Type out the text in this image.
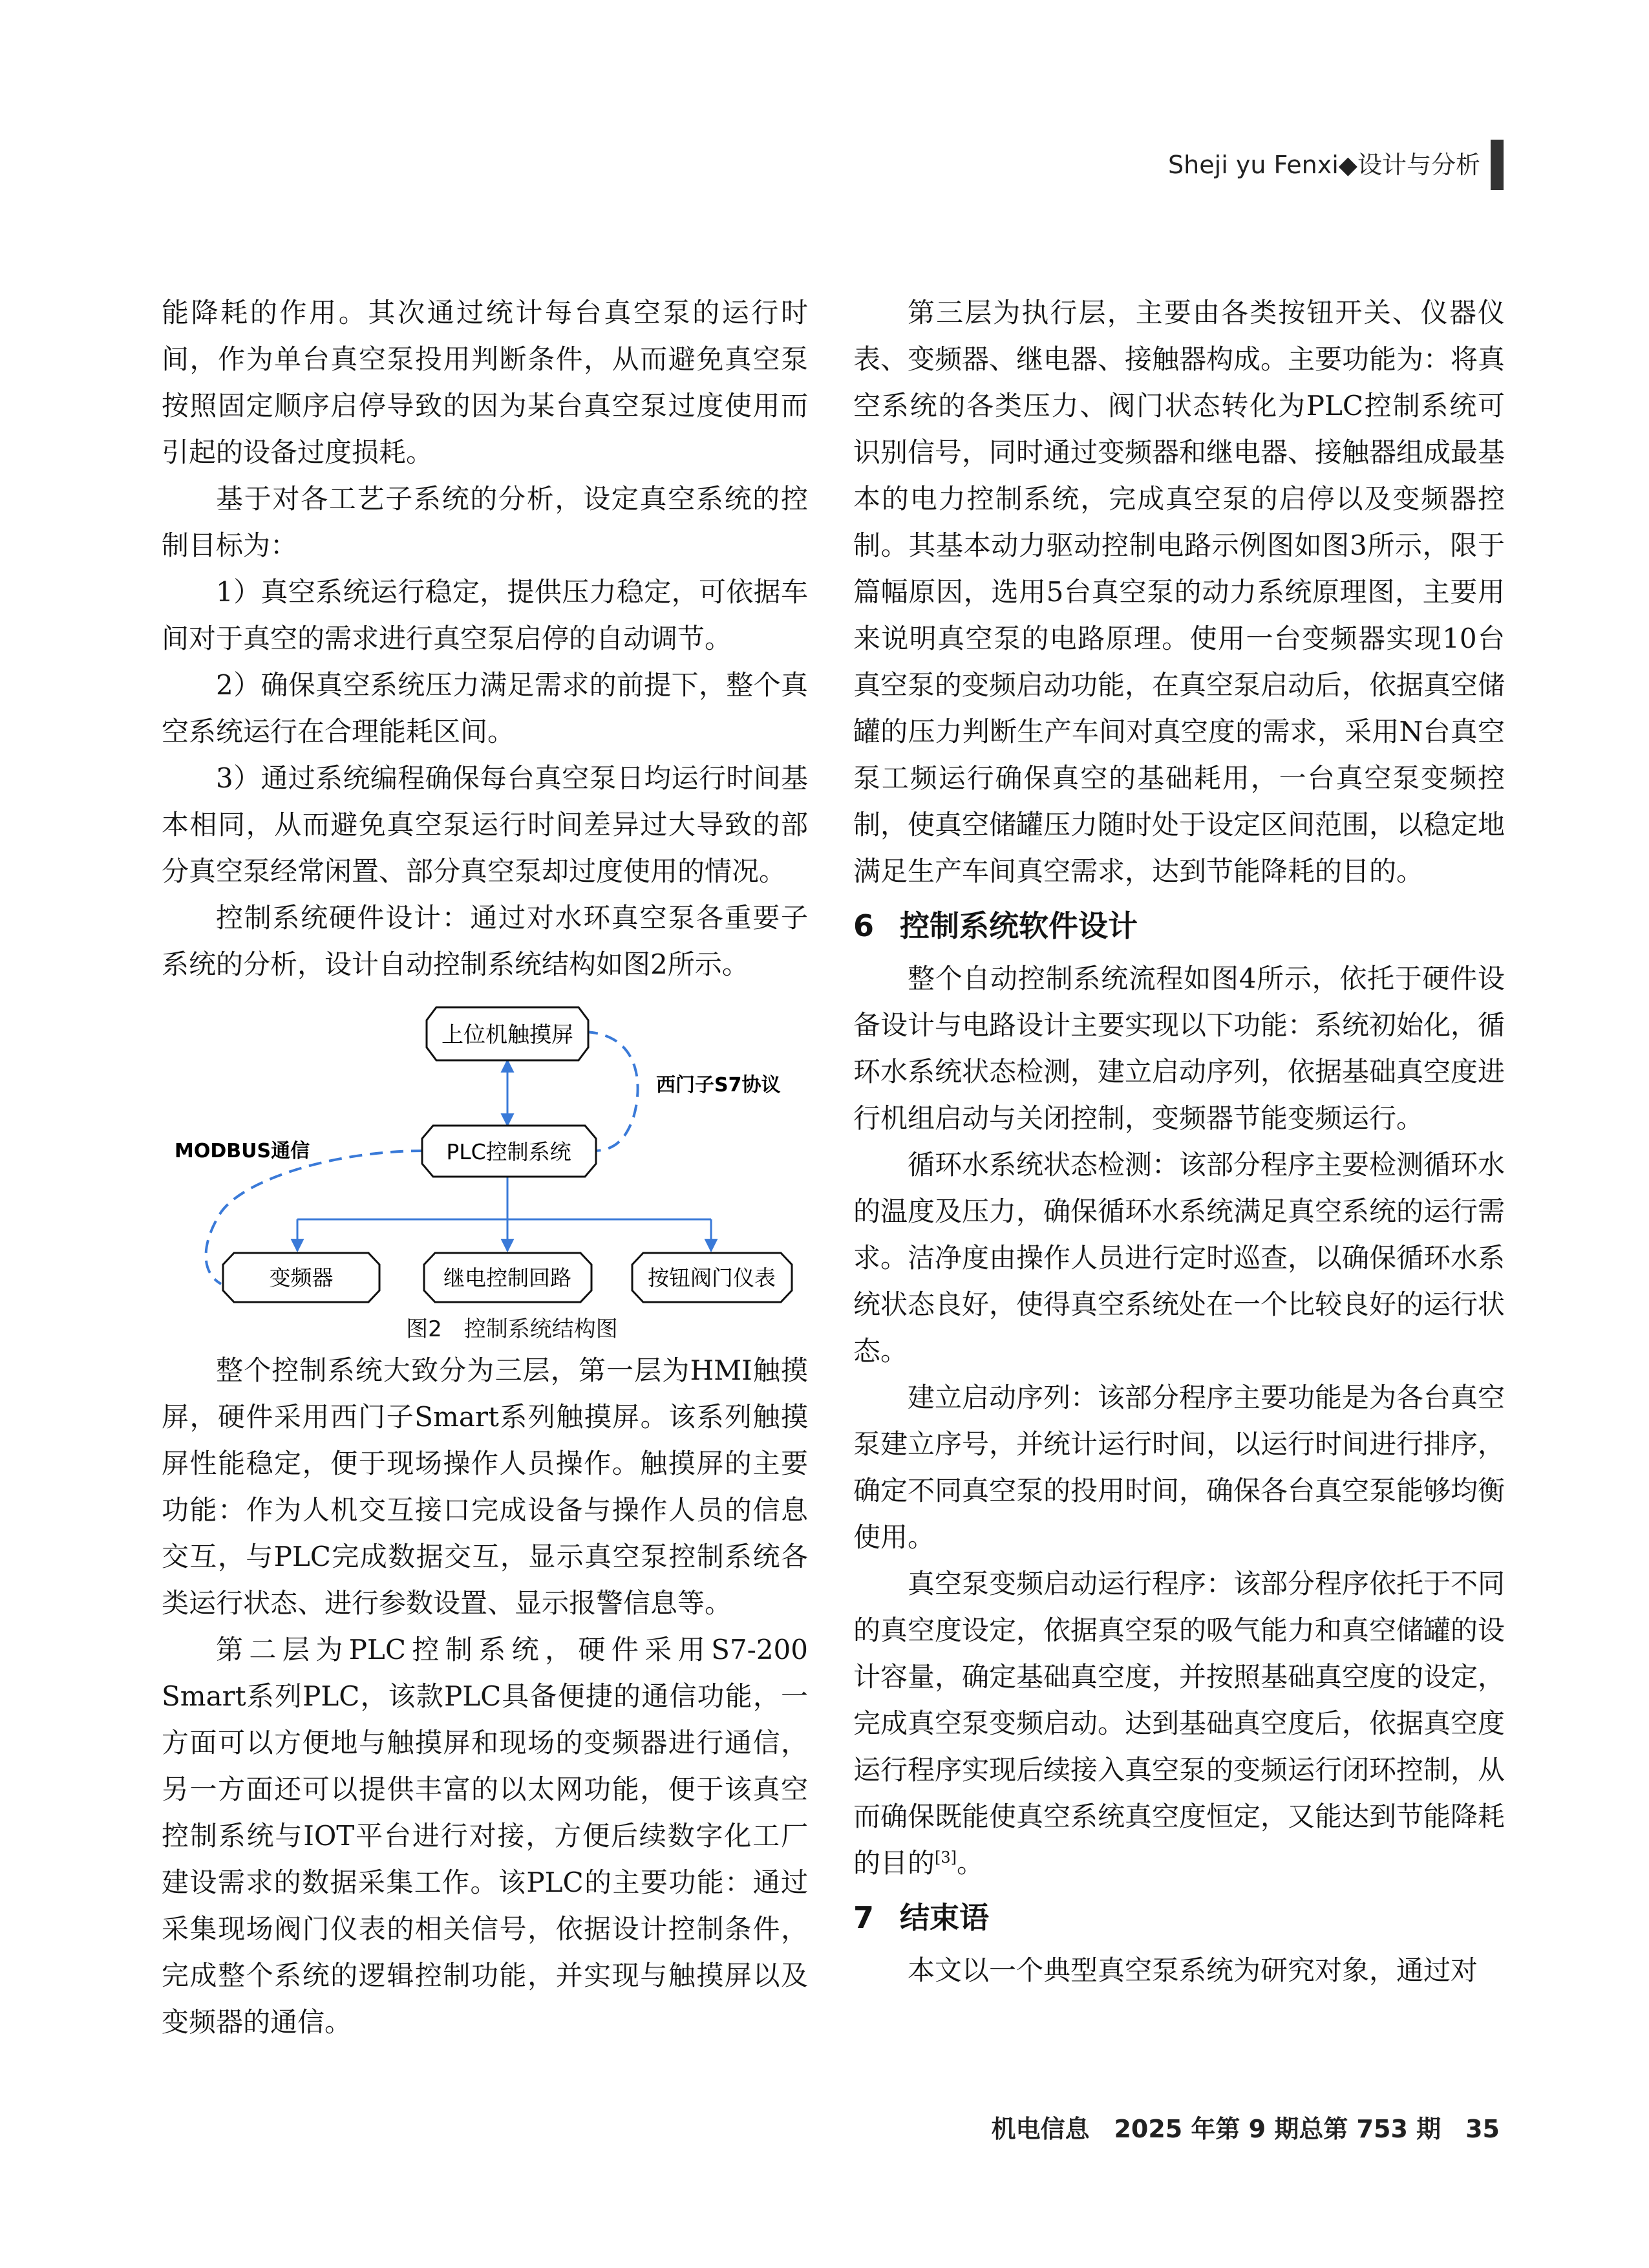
Sheji yu Fenxi◆设计与分析

能降耗的作用。其次通过统计每台真空泵的运行时间，作为单台真空泵投用判断条件，从而避免真空泵按照固定顺序启停导致的因为某台真空泵过度使用而引起的设备过度损耗。

基于对各工艺子系统的分析，设定真空系统的控制目标为：

1）真空系统运行稳定，提供压力稳定，可依据车间对于真空的需求进行真空泵启停的自动调节。

2）确保真空系统压力满足需求的前提下，整个真空系统运行在合理能耗区间。

3）通过系统编程确保每台真空泵日均运行时间基本相同，从而避免真空泵运行时间差异过大导致的部分真空泵经常闲置、部分真空泵却过度使用的情况。

控制系统硬件设计：通过对水环真空泵各重要子系统的分析，设计自动控制系统结构如图2所示。

上位机触摸屏
PLC控制系统
变频器	继电控制回路	按钮阀门仪表
西门子S7协议
MODBUS通信

图2　控制系统结构图

整个控制系统大致分为三层，第一层为HMI触摸屏，硬件采用西门子Smart系列触摸屏。该系列触摸屏性能稳定，便于现场操作人员操作。触摸屏的主要功能：作为人机交互接口完成设备与操作人员的信息交互，与PLC完成数据交互，显示真空泵控制系统各类运行状态、进行参数设置、显示报警信息等。

第二层为PLC控制系统，硬件采用S7-200 Smart系列PLC，该款PLC具备便捷的通信功能，一方面可以方便地与触摸屏和现场的变频器进行通信，另一方面还可以提供丰富的以太网功能，便于该真空控制系统与IOT平台进行对接，方便后续数字化工厂建设需求的数据采集工作。该PLC的主要功能：通过采集现场阀门仪表的相关信号，依据设计控制条件，完成整个系统的逻辑控制功能，并实现与触摸屏以及变频器的通信。

第三层为执行层，主要由各类按钮开关、仪器仪表、变频器、继电器、接触器构成。主要功能为：将真空系统的各类压力、阀门状态转化为PLC控制系统可识别信号，同时通过变频器和继电器、接触器组成最基本的电力控制系统，完成真空泵的启停以及变频器控制。其基本动力驱动控制电路示例图如图3所示，限于篇幅原因，选用5台真空泵的动力系统原理图，主要用来说明真空泵的电路原理。使用一台变频器实现10台真空泵的变频启动功能，在真空泵启动后，依据真空储罐的压力判断生产车间对真空度的需求，采用N台真空泵工频运行确保真空的基础耗用，一台真空泵变频控制，使真空储罐压力随时处于设定区间范围，以稳定地满足生产车间真空需求，达到节能降耗的目的。

6 控制系统软件设计

整个自动控制系统流程如图4所示，依托于硬件设备设计与电路设计主要实现以下功能：系统初始化，循环水系统状态检测，建立启动序列，依据基础真空度进行机组启动与关闭控制，变频器节能变频运行。

循环水系统状态检测：该部分程序主要检测循环水的温度及压力，确保循环水系统满足真空系统的运行需求。洁净度由操作人员进行定时巡查，以确保循环水系统状态良好，使得真空系统处在一个比较良好的运行状态。

建立启动序列：该部分程序主要功能是为各台真空泵建立序号，并统计运行时间，以运行时间进行排序，确定不同真空泵的投用时间，确保各台真空泵能够均衡使用。

真空泵变频启动运行程序：该部分程序依托于不同的真空度设定，依据真空泵的吸气能力和真空储罐的设计容量，确定基础真空度，并按照基础真空度的设定，完成真空泵变频启动。达到基础真空度后，依据真空度运行程序实现后续接入真空泵的变频运行闭环控制，从而确保既能使真空系统真空度恒定，又能达到节能降耗的目的[3]。

7 结束语

本文以一个典型真空泵系统为研究对象，通过对

机电信息　2025 年第 9 期总第 753 期　35
